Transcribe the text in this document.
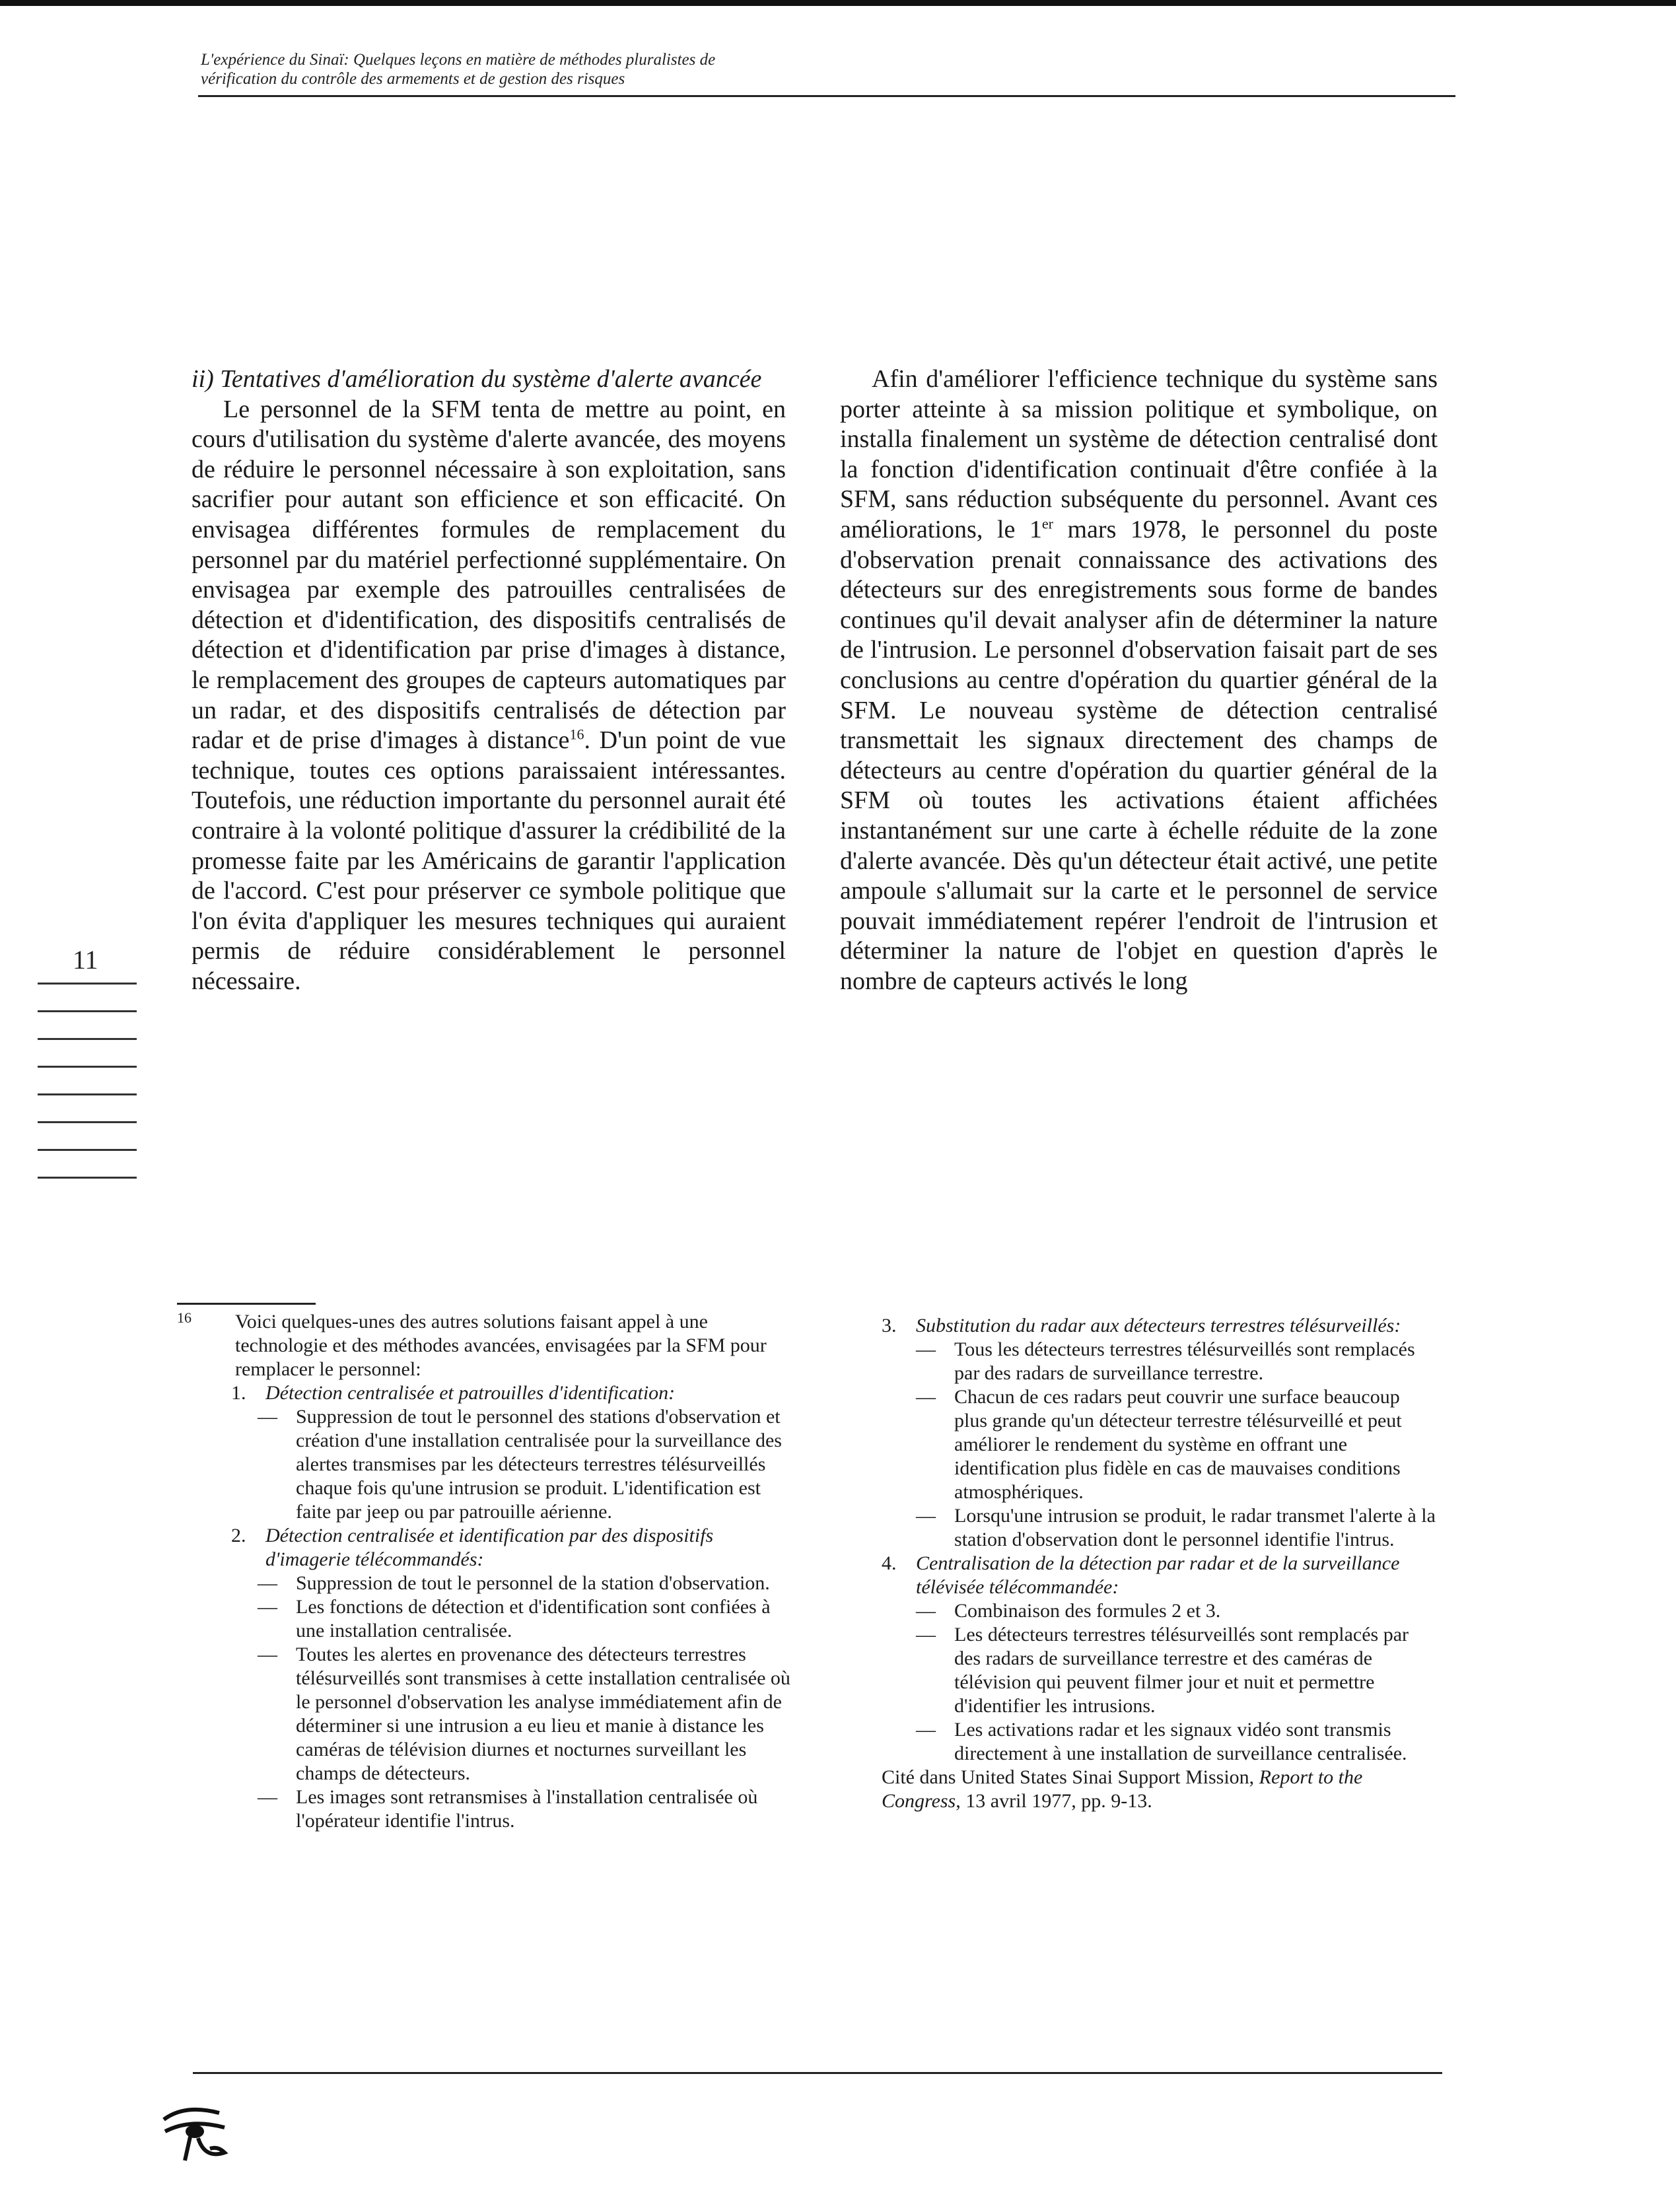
L'expérience du Sinaï: Quelques leçons en matière de méthodes pluralistes de
vérification du contrôle des armements et de gestion des risques

ii) Tentatives d'amélioration du système d'alerte avancée

Le personnel de la SFM tenta de mettre au point, en cours d'utilisation du système d'alerte avancée, des moyens de réduire le personnel nécessaire à son exploitation, sans sacrifier pour autant son efficience et son efficacité. On envisagea différentes formules de remplacement du personnel par du matériel perfectionné supplémentaire. On envisagea par exemple des patrouilles centralisées de détection et d'identification, des dispositifs centralisés de détection et d'identification par prise d'images à distance, le remplacement des groupes de capteurs automatiques par un radar, et des dispositifs centralisés de détection par radar et de prise d'images à distance$^{16}$. D'un point de vue technique, toutes ces options paraissaient intéressantes. Toutefois, une réduction importante du personnel aurait été contraire à la volonté politique d'assurer la crédibilité de la promesse faite par les Américains de garantir l'application de l'accord. C'est pour préserver ce symbole politique que l'on évita d'appliquer les mesures techniques qui auraient permis de réduire considérablement le personnel nécessaire.

Afin d'améliorer l'efficience technique du système sans porter atteinte à sa mission politique et symbolique, on installa finalement un système de détection centralisé dont la fonction d'identification continuait d'être confiée à la SFM, sans réduction subséquente du personnel. Avant ces améliorations, le 1er mars 1978, le personnel du poste d'observation prenait connaissance des activations des détecteurs sur des enregistrements sous forme de bandes continues qu'il devait analyser afin de déterminer la nature de l'intrusion. Le personnel d'observation faisait part de ses conclusions au centre d'opération du quartier général de la SFM. Le nouveau système de détection centralisé transmettait les signaux directement des champs de détecteurs au centre d'opération du quartier général de la SFM où toutes les activations étaient affichées instantanément sur une carte à échelle réduite de la zone d'alerte avancée. Dès qu'un détecteur était activé, une petite ampoule s'allumait sur la carte et le personnel de service pouvait immédiatement repérer l'endroit de l'intrusion et déterminer la nature de l'objet en question d'après le nombre de capteurs activés le long

11

16 Voici quelques-unes des autres solutions faisant appel à une technologie et des méthodes avancées, envisagées par la SFM pour remplacer le personnel:

1. Détection centralisée et patrouilles d'identification:

— Suppression de tout le personnel des stations d'observation et création d'une installation centralisée pour la surveillance des alertes transmises par les détecteurs terrestres télésurveillés chaque fois qu'une intrusion se produit. L'identification est faite par jeep ou par patrouille aérienne.

2. Détection centralisée et identification par des dispositifs d'imagerie télécommandés:

— Suppression de tout le personnel de la station d'observation.

— Les fonctions de détection et d'identification sont confiées à une installation centralisée.

— Toutes les alertes en provenance des détecteurs terrestres télésurveillés sont transmises à cette installation centralisée où le personnel d'observation les analyse immédiatement afin de déterminer si une intrusion a eu lieu et manie à distance les caméras de télévision diurnes et nocturnes surveillant les champs de détecteurs.

— Les images sont retransmises à l'installation centralisée où l'opérateur identifie l'intrus.

3. Substitution du radar aux détecteurs terrestres télésurveillés:

— Tous les détecteurs terrestres télésurveillés sont remplacés par des radars de surveillance terrestre.

— Chacun de ces radars peut couvrir une surface beaucoup plus grande qu'un détecteur terrestre télésurveillé et peut améliorer le rendement du système en offrant une identification plus fidèle en cas de mauvaises conditions atmosphériques.

— Lorsqu'une intrusion se produit, le radar transmet l'alerte à la station d'observation dont le personnel identifie l'intrus.

4. Centralisation de la détection par radar et de la surveillance télévisée télécommandée:

— Combinaison des formules 2 et 3.

— Les détecteurs terrestres télésurveillés sont remplacés par des radars de surveillance terrestre et des caméras de télévision qui peuvent filmer jour et nuit et permettre d'identifier les intrusions.

— Les activations radar et les signaux vidéo sont transmis directement à une installation de surveillance centralisée.

Cité dans United States Sinai Support Mission, Report to the Congress, 13 avril 1977, pp. 9-13.
